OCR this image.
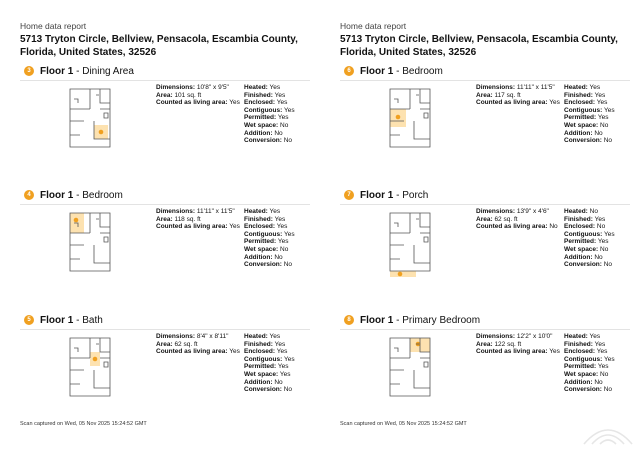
Home data report
5713 Tryton Circle, Bellview, Pensacola, Escambia County, Florida, United States, 32526
3 Floor 1 - Dining Area
Dimensions: 10'8" x 9'5"
Area: 101 sq. ft
Counted as living area: Yes
Heated: Yes
Finished: Yes
Enclosed: Yes
Contiguous: Yes
Permitted: Yes
Wet space: No
Addition: No
Conversion: No
4 Floor 1 - Bedroom
Dimensions: 11'11" x 11'5"
Area: 118 sq. ft
Counted as living area: Yes
Heated: Yes
Finished: Yes
Enclosed: Yes
Contiguous: Yes
Permitted: Yes
Wet space: No
Addition: No
Conversion: No
5 Floor 1 - Bath
Dimensions: 8'4" x 8'11"
Area: 62 sq. ft
Counted as living area: Yes
Heated: Yes
Finished: Yes
Enclosed: Yes
Contiguous: Yes
Permitted: Yes
Wet space: Yes
Addition: No
Conversion: No
Scan captured on Wed, 05 Nov 2025 15:24:52 GMT
Home data report
5713 Tryton Circle, Bellview, Pensacola, Escambia County, Florida, United States, 32526
6 Floor 1 - Bedroom
Dimensions: 11'11" x 11'5"
Area: 117 sq. ft
Counted as living area: Yes
Heated: Yes
Finished: Yes
Enclosed: Yes
Contiguous: Yes
Permitted: Yes
Wet space: No
Addition: No
Conversion: No
7 Floor 1 - Porch
Dimensions: 13'9" x 4'6"
Area: 62 sq. ft
Counted as living area: No
Heated: No
Finished: Yes
Enclosed: No
Contiguous: Yes
Permitted: Yes
Wet space: No
Addition: No
Conversion: No
8 Floor 1 - Primary Bedroom
Dimensions: 12'2" x 10'0"
Area: 122 sq. ft
Counted as living area: Yes
Heated: Yes
Finished: Yes
Enclosed: Yes
Contiguous: Yes
Permitted: Yes
Wet space: No
Addition: No
Conversion: No
Scan captured on Wed, 05 Nov 2025 15:24:52 GMT
